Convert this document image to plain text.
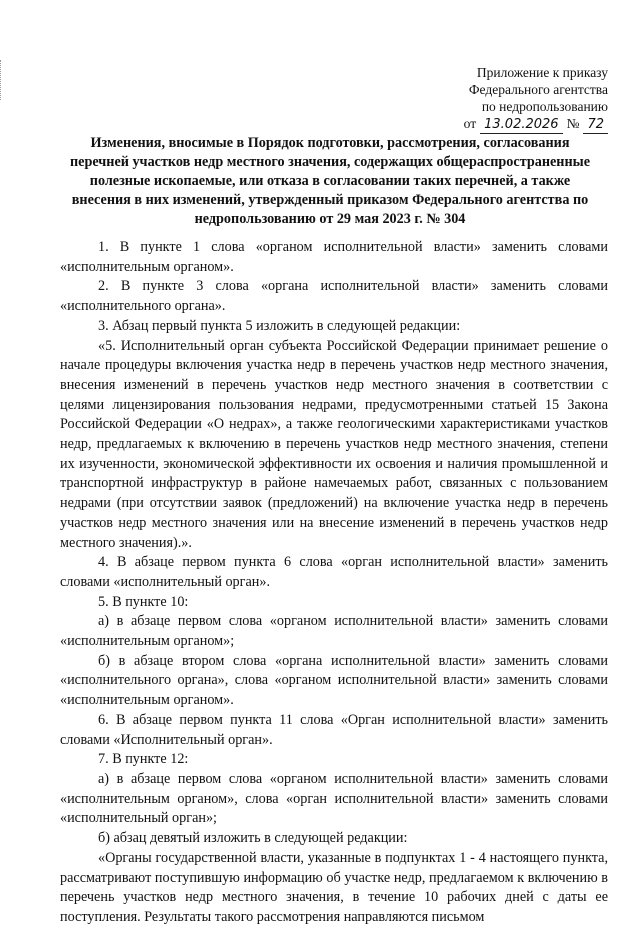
Приложение к приказу
Федерального агентства
по недропользованию
от 13.02.2026 № 72
Изменения, вносимые в Порядок подготовки, рассмотрения, согласования перечней участков недр местного значения, содержащих общераспространенные полезные ископаемые, или отказа в согласовании таких перечней, а также внесения в них изменений, утвержденный приказом Федерального агентства по недропользованию от 29 мая 2023 г. № 304

1. В пункте 1 слова «органом исполнительной власти» заменить словами «исполнительным органом».

2. В пункте 3 слова «органа исполнительной власти» заменить словами «исполнительного органа».

3. Абзац первый пункта 5 изложить в следующей редакции:

«5. Исполнительный орган субъекта Российской Федерации принимает решение о начале процедуры включения участка недр в перечень участков недр местного значения, внесения изменений в перечень участков недр местного значения в соответствии с целями лицензирования пользования недрами, предусмотренными статьей 15 Закона Российской Федерации «О недрах», а также геологическими характеристиками участков недр, предлагаемых к включению в перечень участков недр местного значения, степени их изученности, экономической эффективности их освоения и наличия промышленной и транспортной инфраструктур в районе намечаемых работ, связанных с пользованием недрами (при отсутствии заявок (предложений) на включение участка недр в перечень участков недр местного значения или на внесение изменений в перечень участков недр местного значения).».

4. В абзаце первом пункта 6 слова «орган исполнительной власти» заменить словами «исполнительный орган».

5. В пункте 10:

а) в абзаце первом слова «органом исполнительной власти» заменить словами «исполнительным органом»;

б) в абзаце втором слова «органа исполнительной власти» заменить словами «исполнительного органа», слова «органом исполнительной власти» заменить словами «исполнительным органом».

6. В абзаце первом пункта 11 слова «Орган исполнительной власти» заменить словами «Исполнительный орган».

7. В пункте 12:

а) в абзаце первом слова «органом исполнительной власти» заменить словами «исполнительным органом», слова «орган исполнительной власти» заменить словами «исполнительный орган»;

б) абзац девятый изложить в следующей редакции:

«Органы государственной власти, указанные в подпунктах 1 - 4 настоящего пункта, рассматривают поступившую информацию об участке недр, предлагаемом к включению в перечень участков недр местного значения, в течение 10 рабочих дней с даты ее поступления. Результаты такого рассмотрения направляются письмом
